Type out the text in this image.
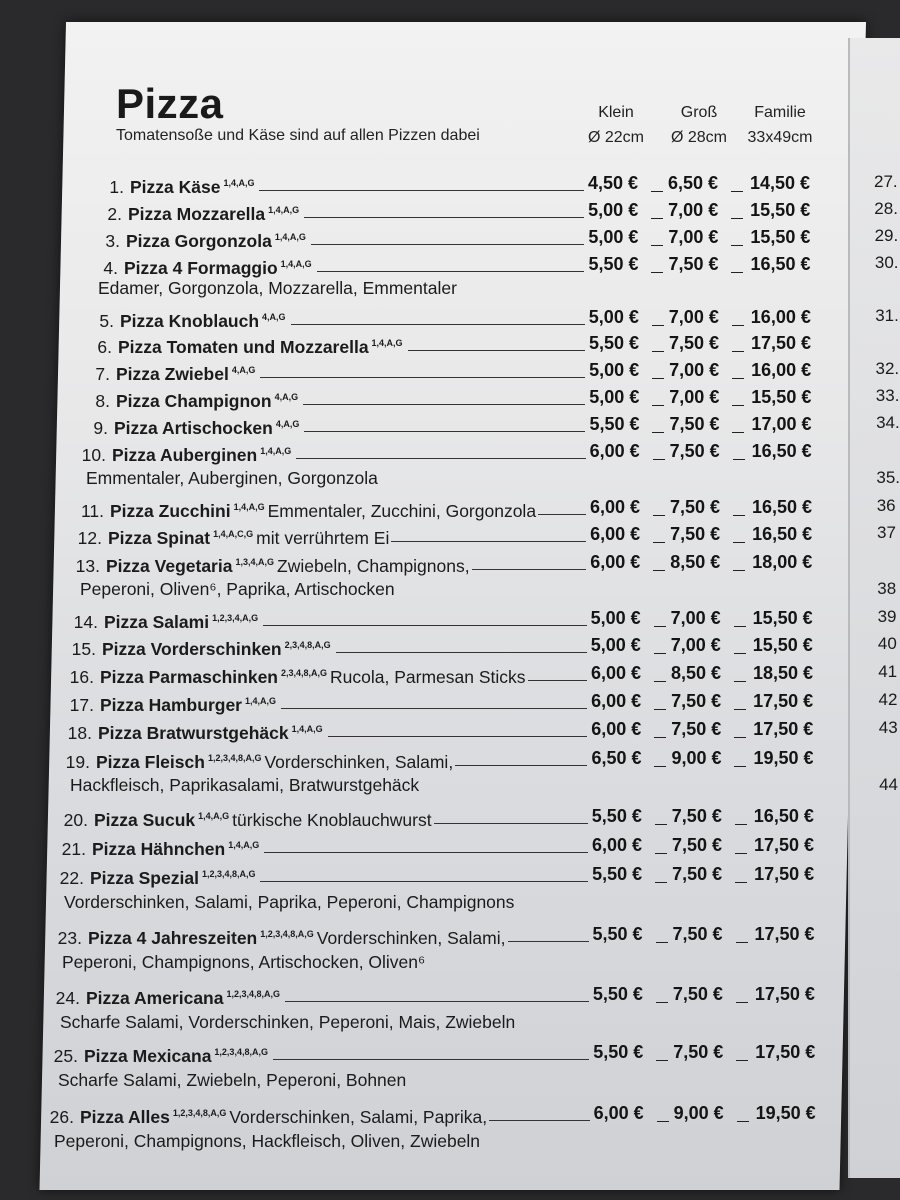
Pizza
Tomatensoße und Käse sind auf allen Pizzen dabei
Klein
Ø 22cm
Groß
Ø 28cm
Familie
33x49cm
1. Pizza Käse $^{1,4,A,G}$	4,50 € 6,50 € 14,50 €
2. Pizza Mozzarella $^{1,4,A,G}$	5,00 € 7,00 € 15,50 €
3. Pizza Gorgonzola $^{1,4,A,G}$	5,00 € 7,00 € 15,50 €
4. Pizza 4 Formaggio $^{1,4,A,G}$	5,50 € 7,50 € 16,50 €
Edamer, Gorgonzola, Mozzarella, Emmentaler
5. Pizza Knoblauch $^{4,A,G}$	5,00 € 7,00 € 16,00 €
6. Pizza Tomaten und Mozzarella $^{1,4,A,G}$	5,50 € 7,50 € 17,50 €
7. Pizza Zwiebel $^{4,A,G}$	5,00 € 7,00 € 16,00 €
8. Pizza Champignon $^{4,A,G}$	5,00 € 7,00 € 15,50 €
9. Pizza Artischocken $^{4,A,G}$	5,50 € 7,50 € 17,00 €
10. Pizza Auberginen $^{1,4,A,G}$	6,00 € 7,50 € 16,50 €
Emmentaler, Auberginen, Gorgonzola
11. Pizza Zucchini $^{1,4,A,G}$ Emmentaler, Zucchini, Gorgonzola	6,00 € 7,50 € 16,50 €
12. Pizza Spinat $^{1,4,A,C,G}$ mit verrührtem Ei	6,00 € 7,50 € 16,50 €
13. Pizza Vegetaria $^{1,3,4,A,G}$ Zwiebeln, Champignons,	6,00 € 8,50 € 18,00 €
Peperoni, Oliven⁶, Paprika, Artischocken
14. Pizza Salami $^{1,2,3,4,A,G}$	5,00 € 7,00 € 15,50 €
15. Pizza Vorderschinken $^{2,3,4,8,A,G}$	5,00 € 7,00 € 15,50 €
16. Pizza Parmaschinken $^{2,3,4,8,A,G}$ Rucola, Parmesan Sticks	6,00 € 8,50 € 18,50 €
17. Pizza Hamburger $^{1,4,A,G}$	6,00 € 7,50 € 17,50 €
18. Pizza Bratwurstgehäck $^{1,4,A,G}$	6,00 € 7,50 € 17,50 €
19. Pizza Fleisch $^{1,2,3,4,8,A,G}$ Vorderschinken, Salami,	6,50 € 9,00 € 19,50 €
Hackfleisch, Paprikasalami, Bratwurstgehäck
20. Pizza Sucuk $^{1,4,A,G}$ türkische Knoblauchwurst	5,50 € 7,50 € 16,50 €
21. Pizza Hähnchen $^{1,4,A,G}$	6,00 € 7,50 € 17,50 €
22. Pizza Spezial $^{1,2,3,4,8,A,G}$	5,50 € 7,50 € 17,50 €
Vorderschinken, Salami, Paprika, Peperoni, Champignons
23. Pizza 4 Jahreszeiten $^{1,2,3,4,8,A,G}$ Vorderschinken, Salami,	5,50 € 7,50 € 17,50 €
Peperoni, Champignons, Artischocken, Oliven⁶
24. Pizza Americana $^{1,2,3,4,8,A,G}$	5,50 € 7,50 € 17,50 €
Scharfe Salami, Vorderschinken, Peperoni, Mais, Zwiebeln
25. Pizza Mexicana $^{1,2,3,4,8,A,G}$	5,50 € 7,50 € 17,50 €
Scharfe Salami, Zwiebeln, Peperoni, Bohnen
26. Pizza Alles $^{1,2,3,4,8,A,G}$ Vorderschinken, Salami, Paprika,	6,00 € 9,00 € 19,50 €
Peperoni, Champignons, Hackfleisch, Oliven, Zwiebeln
27.
28.
29.
30.
31.
32.
33.
34.
35.
36
37
38
39
40
41
42
43
44
